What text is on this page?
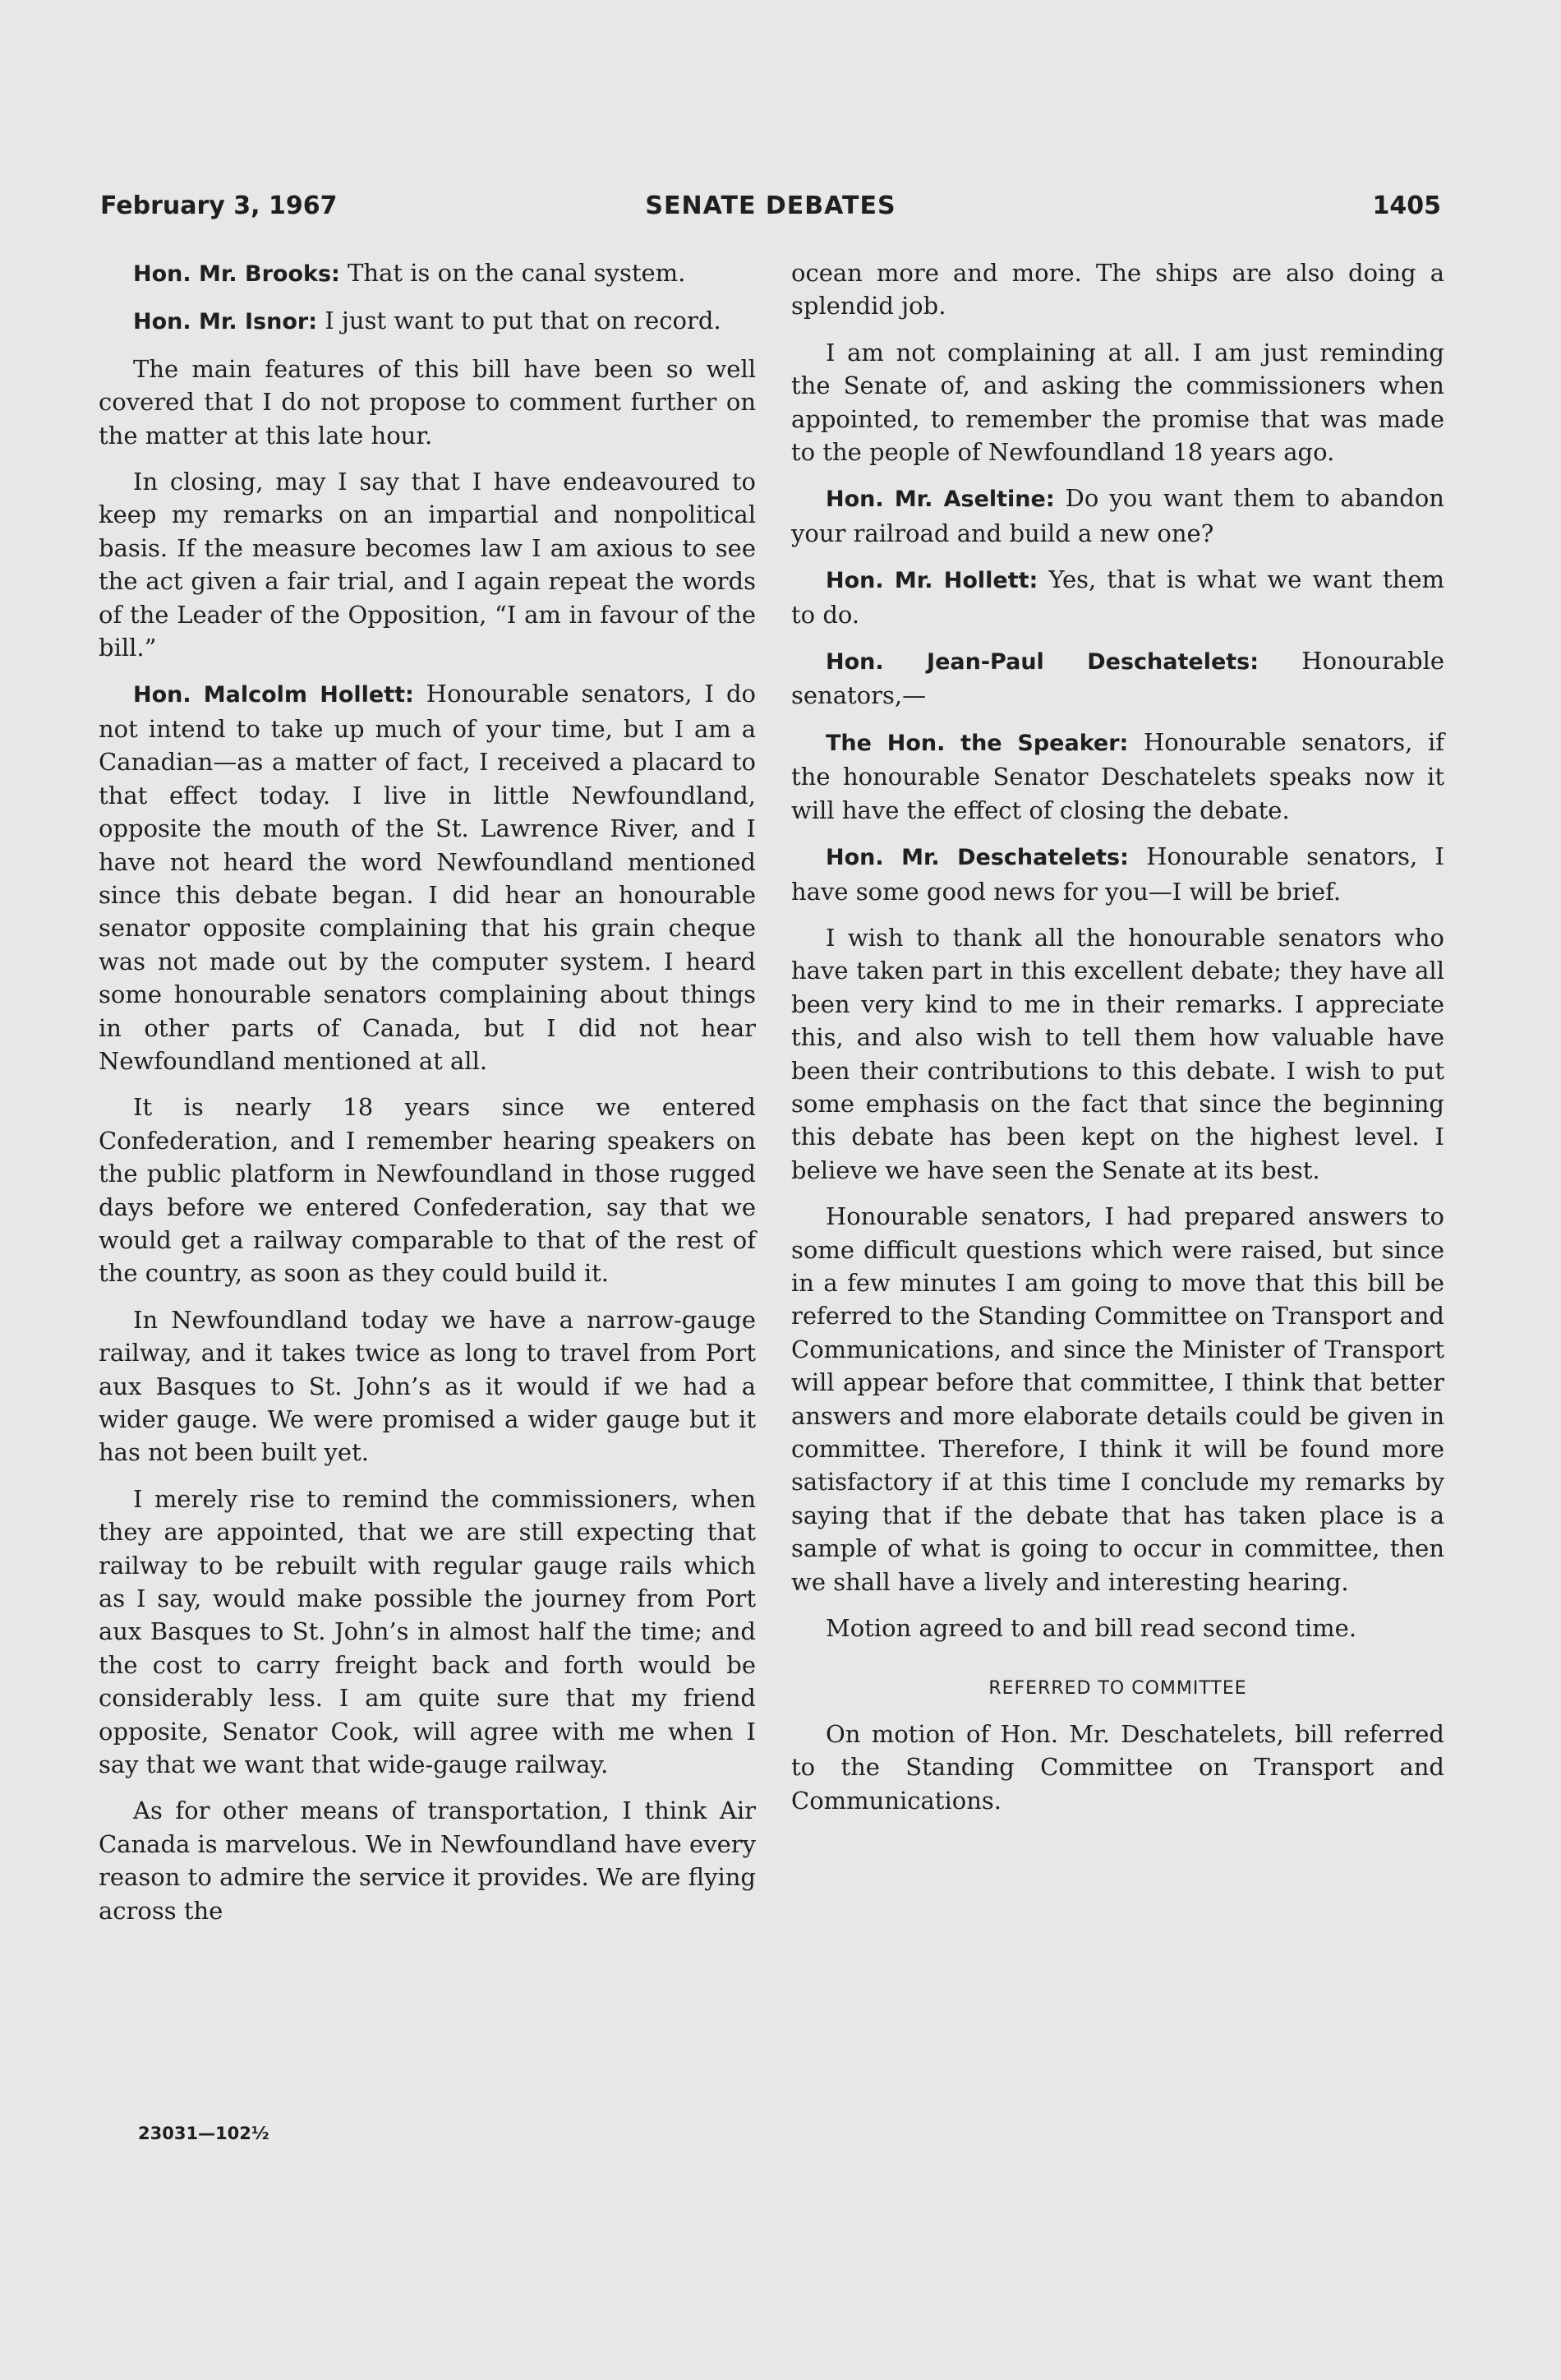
February 3, 1967	SENATE DEBATES	1405

Hon. Mr. Brooks: That is on the canal system.

Hon. Mr. Isnor: I just want to put that on record.

The main features of this bill have been so well covered that I do not propose to comment further on the matter at this late hour.

In closing, may I say that I have endeavoured to keep my remarks on an impartial and nonpolitical basis. If the measure becomes law I am axious to see the act given a fair trial, and I again repeat the words of the Leader of the Opposition, “I am in favour of the bill.”

Hon. Malcolm Hollett: Honourable senators, I do not intend to take up much of your time, but I am a Canadian—as a matter of fact, I received a placard to that effect today. I live in little Newfoundland, opposite the mouth of the St. Lawrence River, and I have not heard the word Newfoundland mentioned since this debate began. I did hear an honourable senator opposite complaining that his grain cheque was not made out by the computer system. I heard some honourable senators complaining about things in other parts of Canada, but I did not hear Newfoundland mentioned at all.

It is nearly 18 years since we entered Confederation, and I remember hearing speakers on the public platform in Newfoundland in those rugged days before we entered Confederation, say that we would get a railway comparable to that of the rest of the country, as soon as they could build it.

In Newfoundland today we have a narrow-gauge railway, and it takes twice as long to travel from Port aux Basques to St. John’s as it would if we had a wider gauge. We were promised a wider gauge but it has not been built yet.

I merely rise to remind the commissioners, when they are appointed, that we are still expecting that railway to be rebuilt with regular gauge rails which as I say, would make possible the journey from Port aux Basques to St. John’s in almost half the time; and the cost to carry freight back and forth would be considerably less. I am quite sure that my friend opposite, Senator Cook, will agree with me when I say that we want that wide-gauge railway.

As for other means of transportation, I think Air Canada is marvelous. We in Newfoundland have every reason to admire the service it provides. We are flying across the

ocean more and more. The ships are also doing a splendid job.

I am not complaining at all. I am just reminding the Senate of, and asking the commissioners when appointed, to remember the promise that was made to the people of Newfoundland 18 years ago.

Hon. Mr. Aseltine: Do you want them to abandon your railroad and build a new one?

Hon. Mr. Hollett: Yes, that is what we want them to do.

Hon. Jean-Paul Deschatelets: Honourable senators,—

The Hon. the Speaker: Honourable senators, if the honourable Senator Deschatelets speaks now it will have the effect of closing the debate.

Hon. Mr. Deschatelets: Honourable senators, I have some good news for you—I will be brief.

I wish to thank all the honourable senators who have taken part in this excellent debate; they have all been very kind to me in their remarks. I appreciate this, and also wish to tell them how valuable have been their contributions to this debate. I wish to put some emphasis on the fact that since the beginning this debate has been kept on the highest level. I believe we have seen the Senate at its best.

Honourable senators, I had prepared answers to some difficult questions which were raised, but since in a few minutes I am going to move that this bill be referred to the Standing Committee on Transport and Communications, and since the Minister of Transport will appear before that committee, I think that better answers and more elaborate details could be given in committee. Therefore, I think it will be found more satisfactory if at this time I conclude my remarks by saying that if the debate that has taken place is a sample of what is going to occur in committee, then we shall have a lively and interesting hearing.

Motion agreed to and bill read second time.

REFERRED TO COMMITTEE

On motion of Hon. Mr. Deschatelets, bill referred to the Standing Committee on Transport and Communications.

23031—102½
